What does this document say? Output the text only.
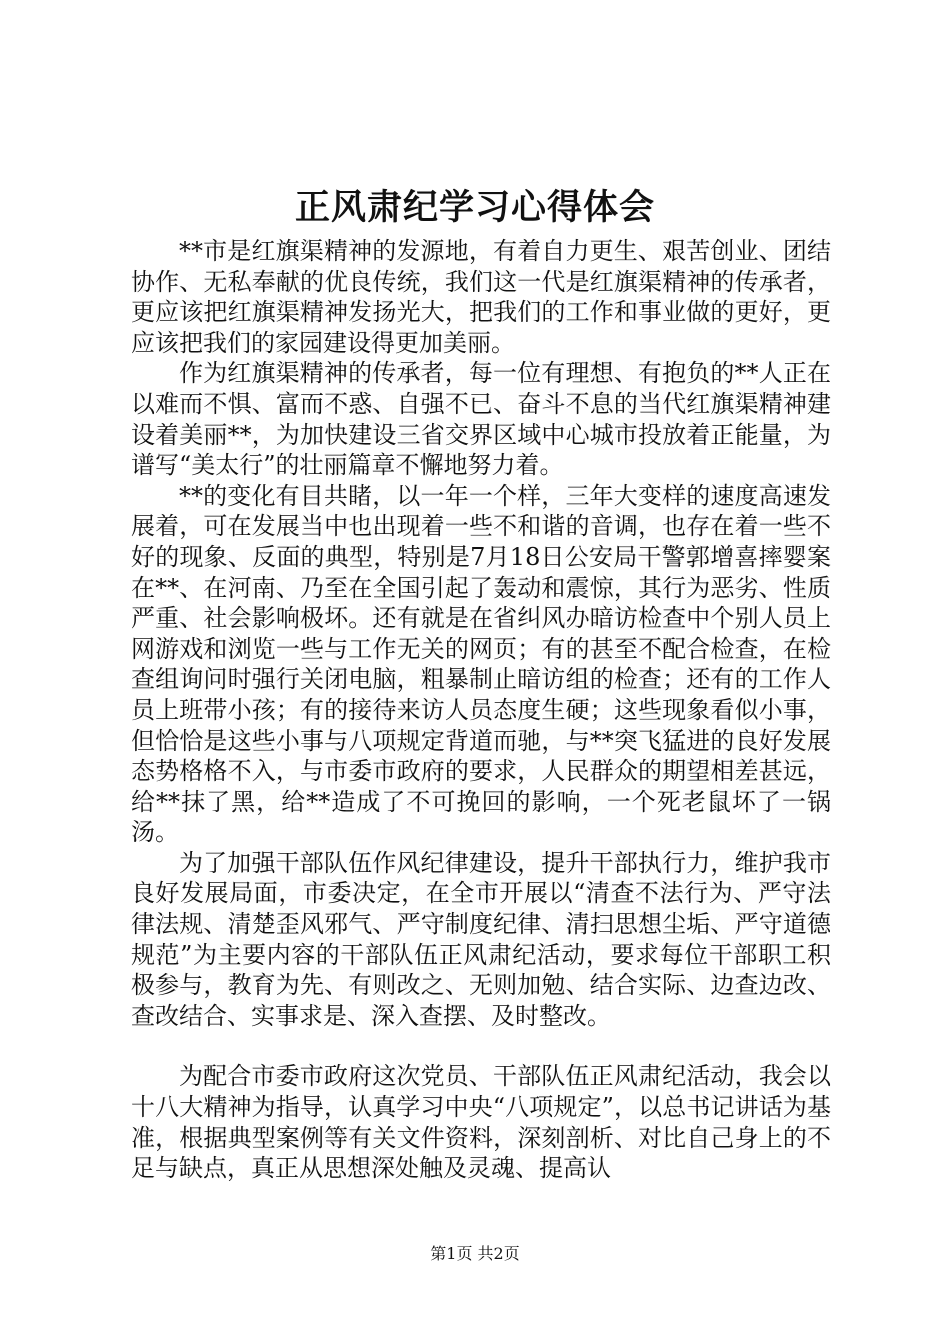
正风肃纪学习心得体会

**市是红旗渠精神的发源地，有着自力更生、艰苦创业、团结协作、无私奉献的优良传统，我们这一代是红旗渠精神的传承者，更应该把红旗渠精神发扬光大，把我们的工作和事业做的更好，更应该把我们的家园建设得更加美丽。

作为红旗渠精神的传承者，每一位有理想、有抱负的**人正在以难而不惧、富而不惑、自强不已、奋斗不息的当代红旗渠精神建设着美丽**，为加快建设三省交界区域中心城市投放着正能量，为谱写“美太行”的壮丽篇章不懈地努力着。

**的变化有目共睹，以一年一个样，三年大变样的速度高速发展着，可在发展当中也出现着一些不和谐的音调，也存在着一些不好的现象、反面的典型，特别是7月18日公安局干警郭增喜摔婴案在**、在河南、乃至在全国引起了轰动和震惊，其行为恶劣、性质严重、社会影响极坏。还有就是在省纠风办暗访检查中个别人员上网游戏和浏览一些与工作无关的网页；有的甚至不配合检查，在检查组询问时强行关闭电脑，粗暴制止暗访组的检查；还有的工作人员上班带小孩；有的接待来访人员态度生硬；这些现象看似小事，但恰恰是这些小事与八项规定背道而驰，与**突飞猛进的良好发展态势格格不入，与市委市政府的要求，人民群众的期望相差甚远，给**抹了黑，给**造成了不可挽回的影响，一个死老鼠坏了一锅汤。

为了加强干部队伍作风纪律建设，提升干部执行力，维护我市良好发展局面，市委决定，在全市开展以“清查不法行为、严守法律法规、清楚歪风邪气、严守制度纪律、清扫思想尘垢、严守道德规范”为主要内容的干部队伍正风肃纪活动，要求每位干部职工积极参与，教育为先、有则改之、无则加勉、结合实际、边查边改、查改结合、实事求是、深入查摆、及时整改。

为配合市委市政府这次党员、干部队伍正风肃纪活动，我会以十八大精神为指导，认真学习中央“八项规定”，以总书记讲话为基准，根据典型案例等有关文件资料，深刻剖析、对比自己身上的不足与缺点，真正从思想深处触及灵魂、提高认

第1页 共2页
